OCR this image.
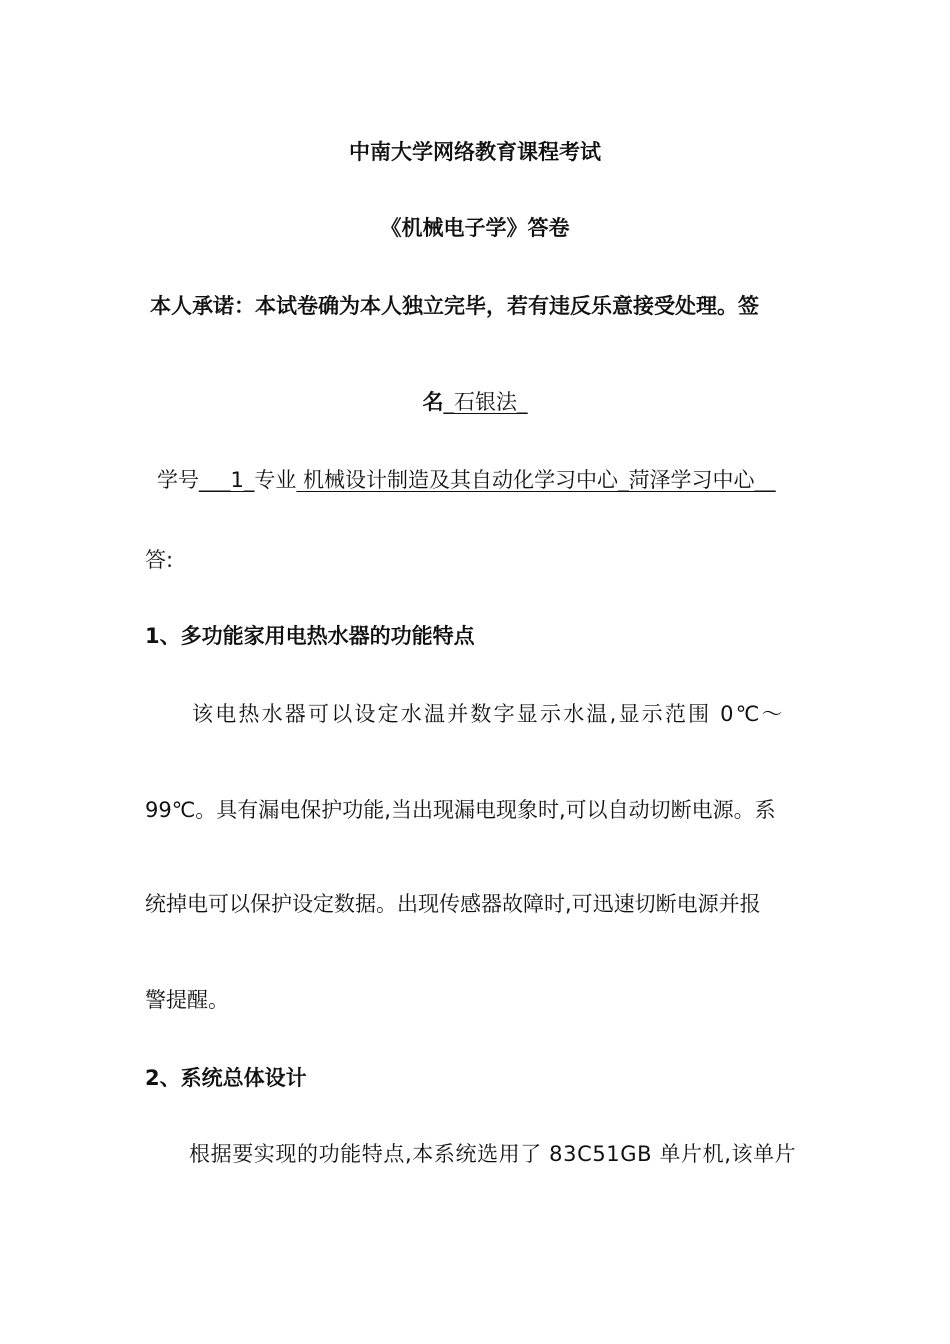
中南大学网络教育课程考试
《机械电子学》答卷
本人承诺：本试卷确为本人独立完毕，若有违反乐意接受处理。签
名_石银法_
学号___1_专业 机械设计制造及其自动化学习中心_菏泽学习中心__
答:
1、多功能家用电热水器的功能特点
该电热水器可以设定水温并数字显示水温,显示范围 0℃～
99℃。具有漏电保护功能,当出现漏电现象时,可以自动切断电源。系
统掉电可以保护设定数据。出现传感器故障时,可迅速切断电源并报
警提醒。
2、系统总体设计
根据要实现的功能特点,本系统选用了 83C51GB 单片机,该单片
